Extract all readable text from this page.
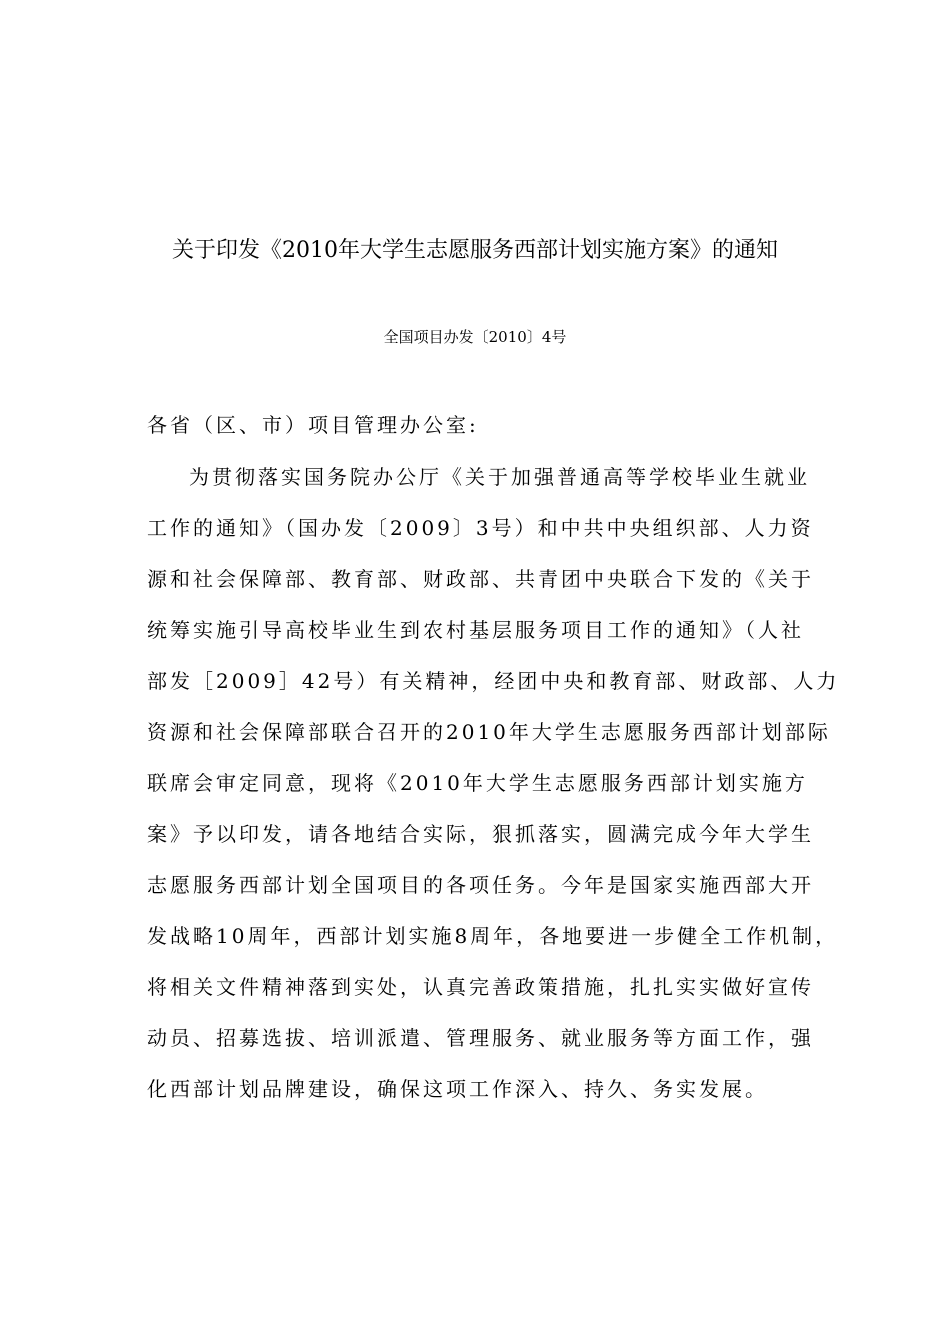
关于印发《2010年大学生志愿服务西部计划实施方案》的通知
全国项目办发〔2010〕4号
各省（区、市）项目管理办公室:
为贯彻落实国务院办公厅《关于加强普通高等学校毕业生就业
工作的通知》（国办发〔2009〕3号）和中共中央组织部、人力资
源和社会保障部、教育部、财政部、共青团中央联合下发的《关于
统筹实施引导高校毕业生到农村基层服务项目工作的通知》（人社
部发［2009］42号）有关精神，经团中央和教育部、财政部、人力
资源和社会保障部联合召开的2010年大学生志愿服务西部计划部际
联席会审定同意，现将《2010年大学生志愿服务西部计划实施方
案》予以印发，请各地结合实际，狠抓落实，圆满完成今年大学生
志愿服务西部计划全国项目的各项任务。今年是国家实施西部大开
发战略10周年，西部计划实施8周年，各地要进一步健全工作机制，
将相关文件精神落到实处，认真完善政策措施，扎扎实实做好宣传
动员、招募选拔、培训派遣、管理服务、就业服务等方面工作，强
化西部计划品牌建设，确保这项工作深入、持久、务实发展。
